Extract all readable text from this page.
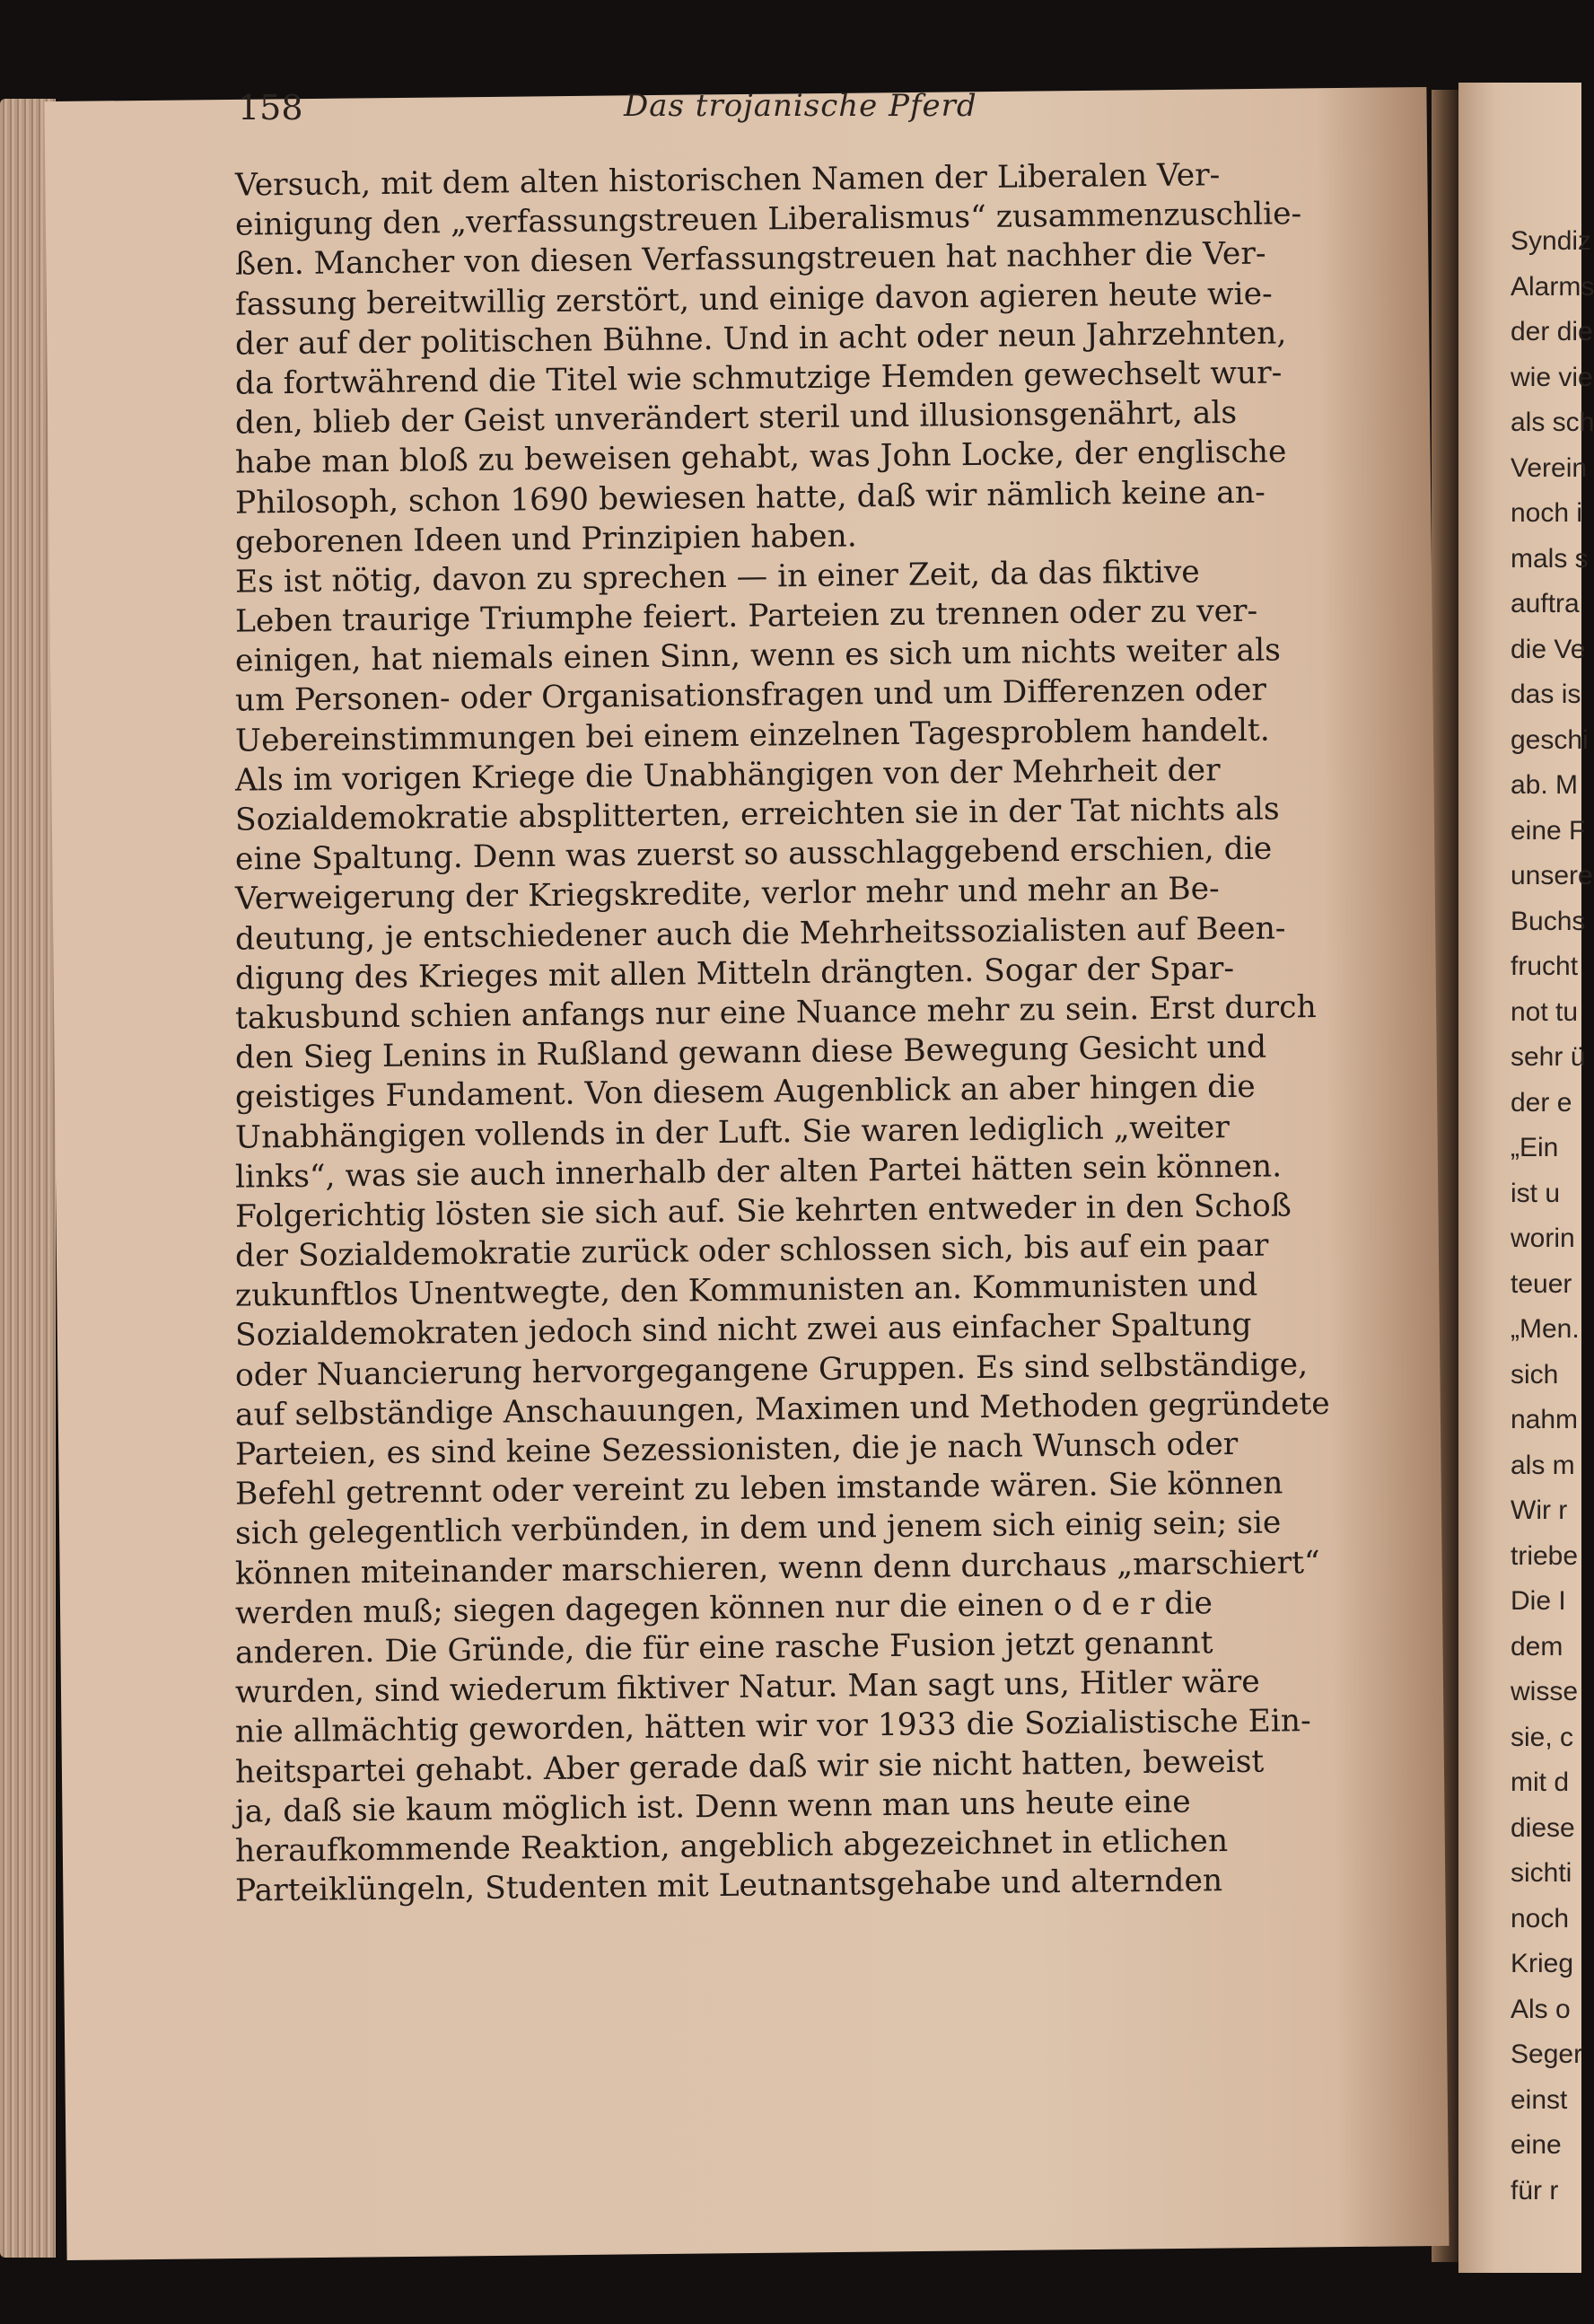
Syndiz
Alarms
der die
wie vie
als sch
Verein
noch i
mals s
auftra
die Ve
das is
geschi
ab. M
eine F
unsere
Buchs
frucht
not tu
sehr ü
der e
„Ein
ist u
worin
teuer
„Men.
sich
nahm
als m
Wir r
triebe
Die I
dem
wisse
sie, c
mit d
diese
sichti
noch
Krieg
Als o
Seger
einst
eine
für r
158	Das trojanische Pferd
Versuch, mit dem alten historischen Namen der Liberalen Ver-
einigung den „verfassungstreuen Liberalismus“ zusammenzuschlie-
ßen. Mancher von diesen Verfassungstreuen hat nachher die Ver-
fassung bereitwillig zerstört, und einige davon agieren heute wie-
der auf der politischen Bühne. Und in acht oder neun Jahrzehnten,
da fortwährend die Titel wie schmutzige Hemden gewechselt wur-
den, blieb der Geist unverändert steril und illusionsgenährt, als
habe man bloß zu beweisen gehabt, was John Locke, der englische
Philosoph, schon 1690 bewiesen hatte, daß wir nämlich keine an-
geborenen Ideen und Prinzipien haben.
Es ist nötig, davon zu sprechen — in einer Zeit, da das fiktive
Leben traurige Triumphe feiert. Parteien zu trennen oder zu ver-
einigen, hat niemals einen Sinn, wenn es sich um nichts weiter als
um Personen- oder Organisationsfragen und um Differenzen oder
Uebereinstimmungen bei einem einzelnen Tagesproblem handelt.
Als im vorigen Kriege die Unabhängigen von der Mehrheit der
Sozialdemokratie absplitterten, erreichten sie in der Tat nichts als
eine Spaltung. Denn was zuerst so ausschlaggebend erschien, die
Verweigerung der Kriegskredite, verlor mehr und mehr an Be-
deutung, je entschiedener auch die Mehrheitssozialisten auf Been-
digung des Krieges mit allen Mitteln drängten. Sogar der Spar-
takusbund schien anfangs nur eine Nuance mehr zu sein. Erst durch
den Sieg Lenins in Rußland gewann diese Bewegung Gesicht und
geistiges Fundament. Von diesem Augenblick an aber hingen die
Unabhängigen vollends in der Luft. Sie waren lediglich „weiter
links“, was sie auch innerhalb der alten Partei hätten sein können.
Folgerichtig lösten sie sich auf. Sie kehrten entweder in den Schoß
der Sozialdemokratie zurück oder schlossen sich, bis auf ein paar
zukunftlos Unentwegte, den Kommunisten an. Kommunisten und
Sozialdemokraten jedoch sind nicht zwei aus einfacher Spaltung
oder Nuancierung hervorgegangene Gruppen. Es sind selbständige,
auf selbständige Anschauungen, Maximen und Methoden gegründete
Parteien, es sind keine Sezessionisten, die je nach Wunsch oder
Befehl getrennt oder vereint zu leben imstande wären. Sie können
sich gelegentlich verbünden, in dem und jenem sich einig sein; sie
können miteinander marschieren, wenn denn durchaus „marschiert“
werden muß; siegen dagegen können nur die einen o d e r die
anderen. Die Gründe, die für eine rasche Fusion jetzt genannt
wurden, sind wiederum fiktiver Natur. Man sagt uns, Hitler wäre
nie allmächtig geworden, hätten wir vor 1933 die Sozialistische Ein-
heitspartei gehabt. Aber gerade daß wir sie nicht hatten, beweist
ja, daß sie kaum möglich ist. Denn wenn man uns heute eine
heraufkommende Reaktion, angeblich abgezeichnet in etlichen
Parteiklüngeln, Studenten mit Leutnantsgehabe und alternden
